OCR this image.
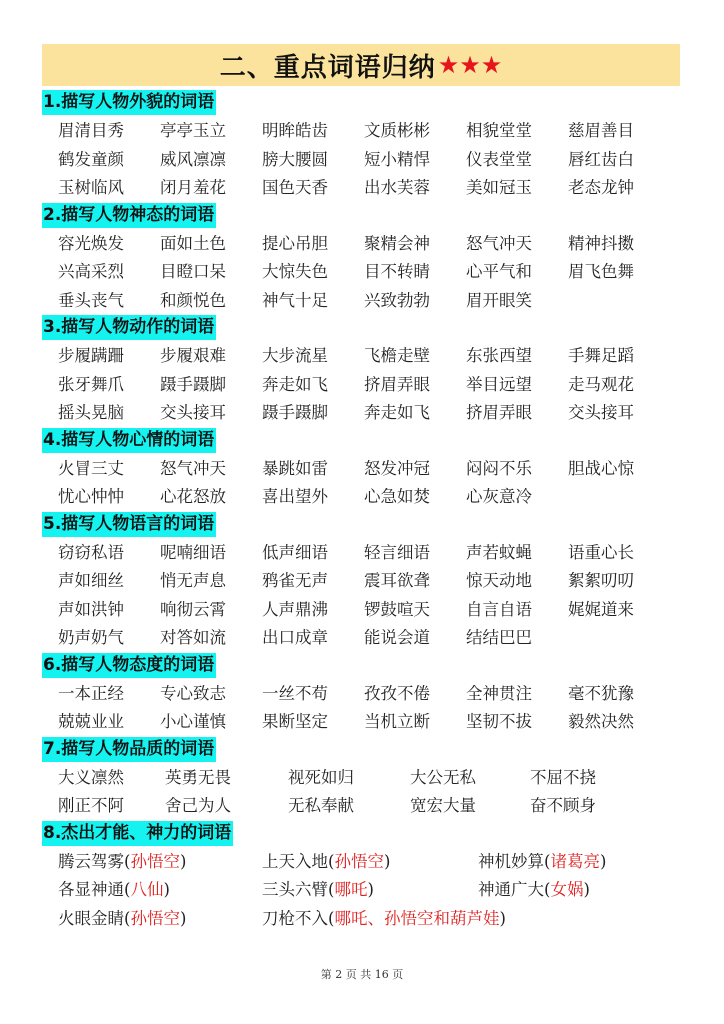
二、重点词语归纳 ★★★
1.描写人物外貌的词语
眉清目秀	亭亭玉立	明眸皓齿	文质彬彬	相貌堂堂	慈眉善目
鹤发童颜	威风凛凛	膀大腰圆	短小精悍	仪表堂堂	唇红齿白
玉树临风	闭月羞花	国色天香	出水芙蓉	美如冠玉	老态龙钟
2.描写人物神态的词语
容光焕发	面如土色	提心吊胆	聚精会神	怒气冲天	精神抖擞
兴高采烈	目瞪口呆	大惊失色	目不转睛	心平气和	眉飞色舞
垂头丧气	和颜悦色	神气十足	兴致勃勃	眉开眼笑
3.描写人物动作的词语
步履蹒跚	步履艰难	大步流星	飞檐走壁	东张西望	手舞足蹈
张牙舞爪	蹑手蹑脚	奔走如飞	挤眉弄眼	举目远望	走马观花
摇头晃脑	交头接耳	蹑手蹑脚	奔走如飞	挤眉弄眼	交头接耳
4.描写人物心情的词语
火冒三丈	怒气冲天	暴跳如雷	怒发冲冠	闷闷不乐	胆战心惊
忧心忡忡	心花怒放	喜出望外	心急如焚	心灰意冷
5.描写人物语言的词语
窃窃私语	呢喃细语	低声细语	轻言细语	声若蚊蝇	语重心长
声如细丝	悄无声息	鸦雀无声	震耳欲聋	惊天动地	絮絮叨叨
声如洪钟	响彻云霄	人声鼎沸	锣鼓喧天	自言自语	娓娓道来
奶声奶气	对答如流	出口成章	能说会道	结结巴巴
6.描写人物态度的词语
一本正经	专心致志	一丝不苟	孜孜不倦	全神贯注	毫不犹豫
兢兢业业	小心谨慎	果断坚定	当机立断	坚韧不拔	毅然决然
7.描写人物品质的词语
大义凛然	英勇无畏	视死如归	大公无私	不屈不挠
刚正不阿	舍己为人	无私奉献	宽宏大量	奋不顾身
8.杰出才能、神力的词语
腾云驾雾(孙悟空)	上天入地(孙悟空)	神机妙算(诸葛亮)
各显神通(八仙)	三头六臂(哪吒)	神通广大(女娲)
火眼金睛(孙悟空)	刀枪不入(哪吒、孙悟空和葫芦娃)
第 2 页 共 16 页
